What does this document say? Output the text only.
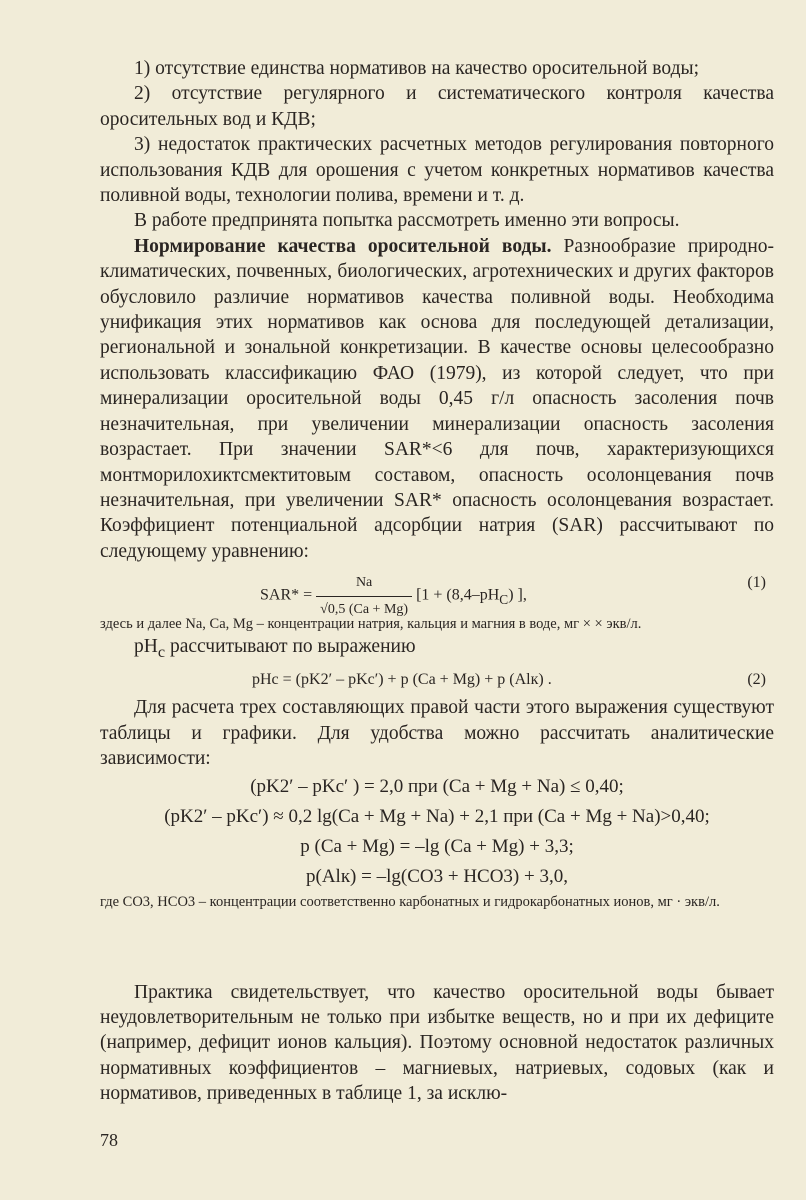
1) отсутствие единства нормативов на качество оросительной воды;

2) отсутствие регулярного и систематического контроля качества оросительных вод и КДВ;

3) недостаток практических расчетных методов регулирования повторного использования КДВ для орошения с учетом конкретных нормативов качества поливной воды, технологии полива, времени и т. д.

В работе предпринята попытка рассмотреть именно эти вопросы.

Нормирование качества оросительной воды. Разнообразие природно-климатических, почвенных, биологических, агротехнических и других факторов обусловило различие нормативов качества поливной воды. Необходима унификация этих нормативов как основа для последующей детализации, региональной и зональной конкретизации. В качестве основы целесообразно использовать классификацию ФАО (1979), из которой следует, что при минерализации оросительной воды 0,45 г/л опасность засоления почв незначительная, при увеличении минерализации опасность засоления возрастает. При значении SAR*<6 для почв, характеризующихся монтморилохиктсмектитовым составом, опасность осолонцевания почв незначительная, при увеличении SAR* опасность осолонцевания возрастает. Коэффициент потенциальной адсорбции натрия (SAR) рассчитывают по следующему уравнению:

$SAR* = \frac{Na}{√0,5 (Ca + Mg)} [1 + (8,4-pH_C)$ ],
(1)

здесь и далее Na, Ca, Mg – концентрации натрия, кальция и магния в воде, мг × × экв/л.

$pH_c$ рассчитывают по выражению

pHc = (pK2′ – pKc′) + p (Ca + Mg) + p (Alк) .	(2)

Для расчета трех составляющих правой части этого выражения существуют таблицы и графики. Для удобства можно рассчитать аналитические зависимости:

(pK2′ – pKc′ ) = 2,0 при (Ca + Mg + Na) ≤ 0,40;
(pK2′ – pKc′) ≈ 0,2 lg(Ca + Mg + Na) + 2,1 при (Ca + Mg + Na)>0,40;
p (Ca + Mg) = –lg (Ca + Mg) + 3,3;
p(Alк) = –lg(CO3 + HCO3) + 3,0,

где CO3, HCO3 – концентрации соответственно карбонатных и гидрокарбонатных ионов, мг · экв/л.

Практика свидетельствует, что качество оросительной воды бывает неудовлетворительным не только при избытке веществ, но и при их дефиците (например, дефицит ионов кальция). Поэтому основной недостаток различных нормативных коэффициентов – магниевых, натриевых, содовых (как и нормативов, приведенных в таблице 1, за исклю-

78
